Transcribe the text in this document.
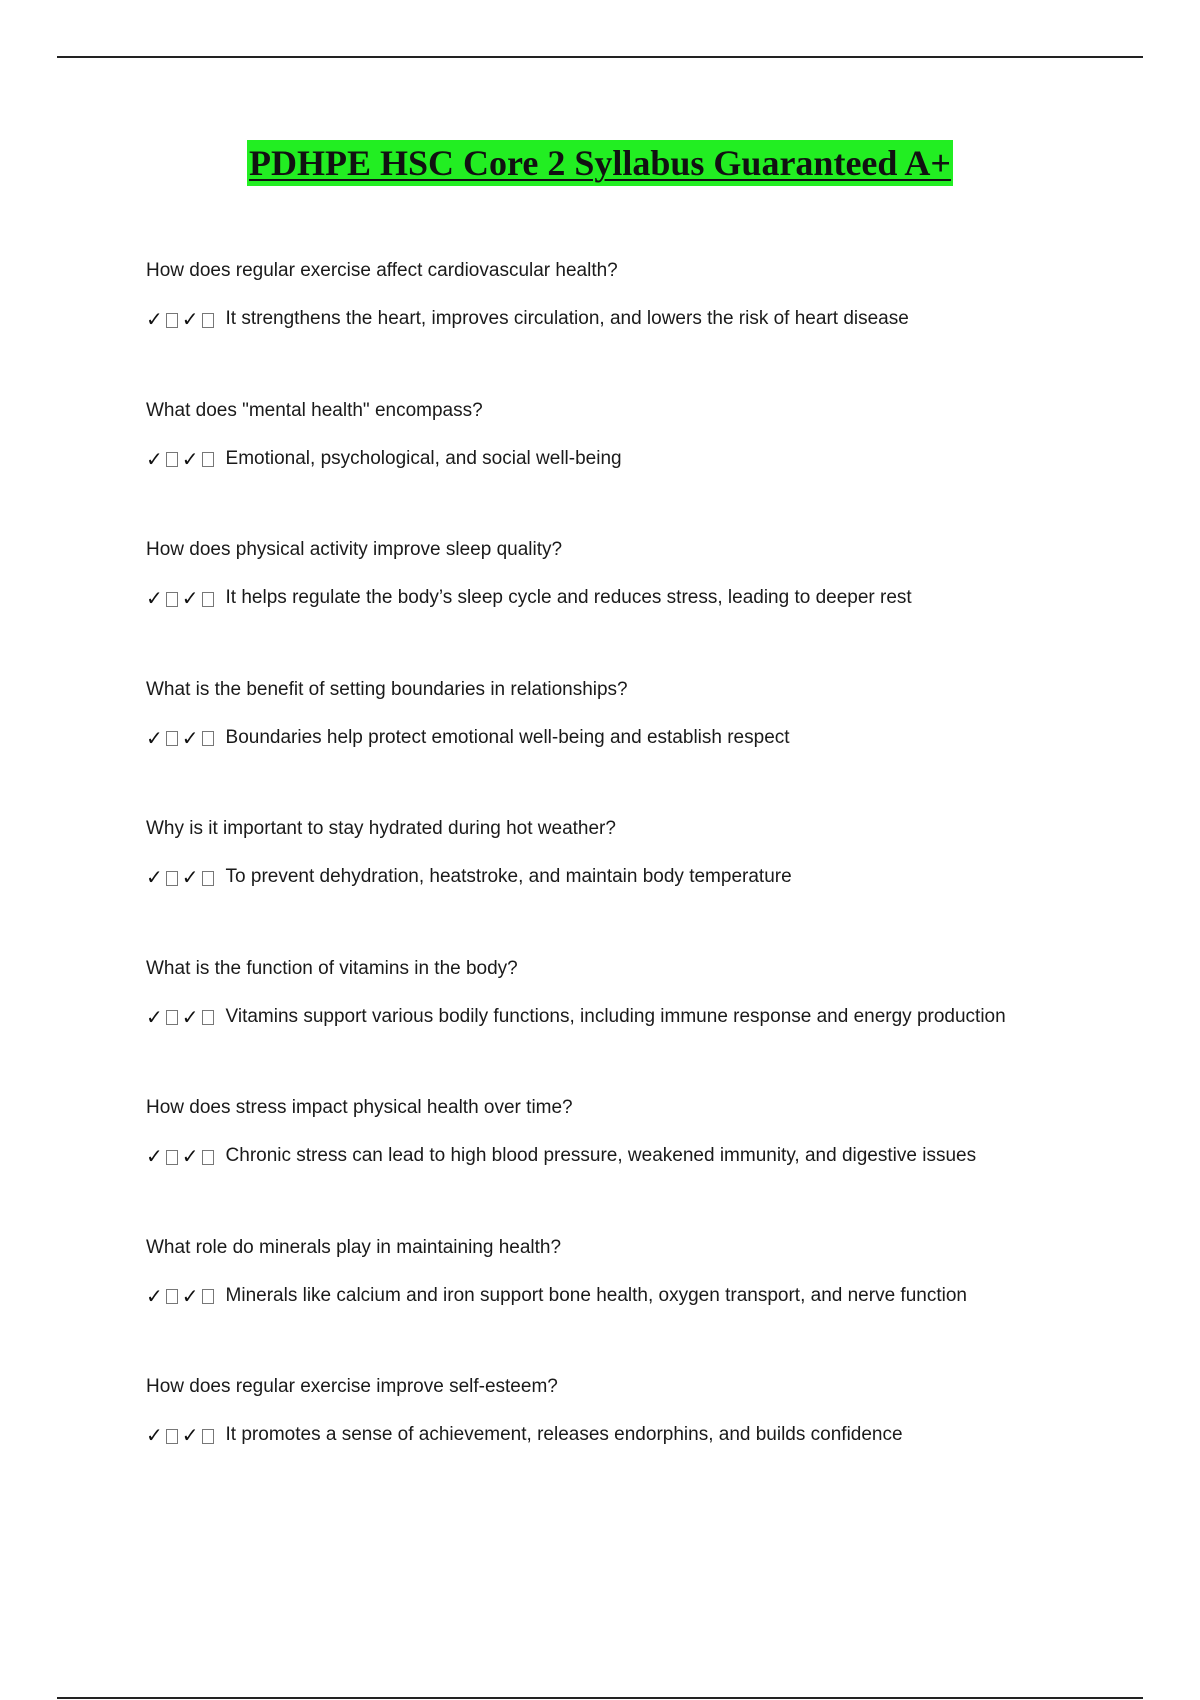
PDHPE HSC Core 2 Syllabus Guaranteed A+

How does regular exercise affect cardiovascular health?

✓ ✓ It strengthens the heart, improves circulation, and lowers the risk of heart disease

What does "mental health" encompass?

✓ ✓ Emotional, psychological, and social well-being

How does physical activity improve sleep quality?

✓ ✓ It helps regulate the body’s sleep cycle and reduces stress, leading to deeper rest

What is the benefit of setting boundaries in relationships?

✓ ✓ Boundaries help protect emotional well-being and establish respect

Why is it important to stay hydrated during hot weather?

✓ ✓ To prevent dehydration, heatstroke, and maintain body temperature

What is the function of vitamins in the body?

✓ ✓ Vitamins support various bodily functions, including immune response and energy production

How does stress impact physical health over time?

✓ ✓ Chronic stress can lead to high blood pressure, weakened immunity, and digestive issues

What role do minerals play in maintaining health?

✓ ✓ Minerals like calcium and iron support bone health, oxygen transport, and nerve function

How does regular exercise improve self-esteem?

✓ ✓ It promotes a sense of achievement, releases endorphins, and builds confidence
